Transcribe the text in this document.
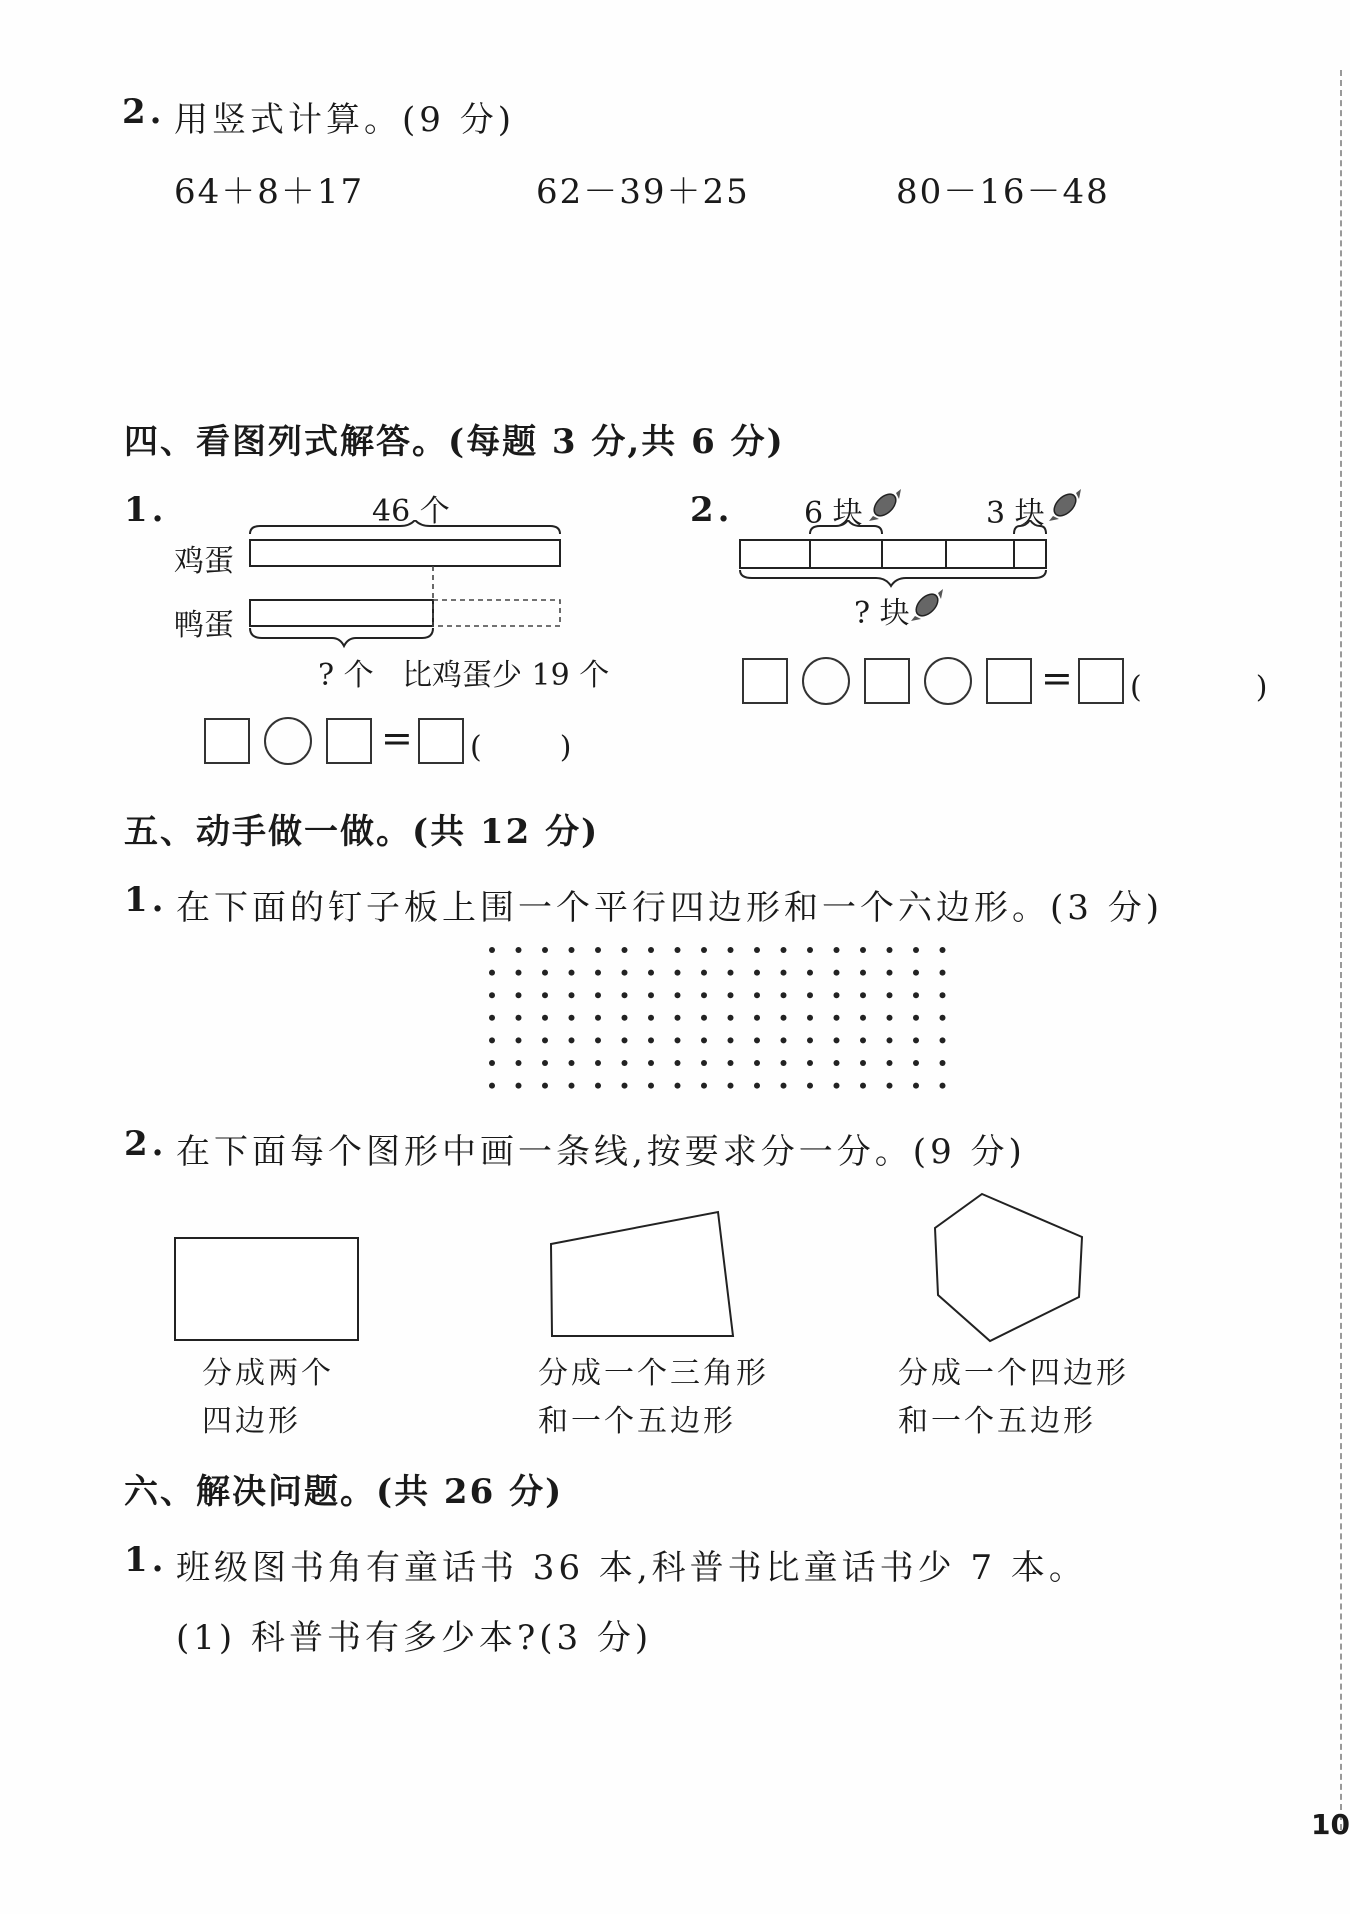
10
2. 用竖式计算。(9 分)
64＋8＋17	62－39＋25	80－16－48
四、看图列式解答。(每题 3 分,共 6 分)
1.	46 个
鸡蛋
鸭蛋
? 个 比鸡蛋少 19 个
= (　　)
2. 6 块	3 块
? 块
= (　　　)
五、动手做一做。(共 12 分)
1. 在下面的钉子板上围一个平行四边形和一个六边形。(3 分)
2. 在下面每个图形中画一条线,按要求分一分。(9 分)
分成两个
四边形
分成一个三角形
和一个五边形
分成一个四边形
和一个五边形
六、解决问题。(共 26 分)
1. 班级图书角有童话书 36 本,科普书比童话书少 7 本。
(1) 科普书有多少本?(3 分)
